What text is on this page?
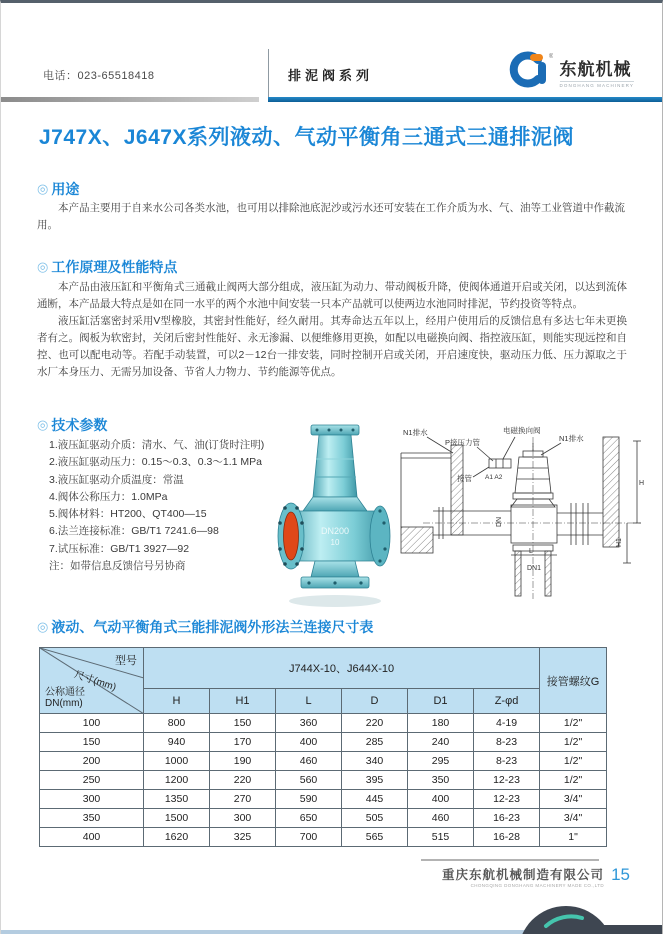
电话：023-65518418	排泥阀系列
®
东航机械
DONGHANG MACHINERY
J747X、J647X系列液动、气动平衡角三通式三通排泥阀
◎ 用途

本产品主要用于自来水公司各类水池，也可用以排除池底泥沙或污水还可安装在工作介质为水、气、油等工业管道中作截流用。

◎ 工作原理及性能特点

本产品由液压缸和平衡角式三通截止阀两大部分组成，液压缸为动力、带动阀板升降，使阀体通道开启或关闭，以达到流体通断，本产品最大特点是如在同一水平的两个水池中间安装一只本产品就可以使两边水池同时排泥，节约投资等特点。

液压缸活塞密封采用V型橡胶，其密封性能好，经久耐用。其寿命达五年以上，经用户使用后的反馈信息有多达七年未更换者有之。阀板为软密封，关闭后密封性能好、永无渗漏、以便维修用更换，如配以电磁换向阀、指控液压缸，则能实现远控和自控、也可以配电动等。若配手动装置，可以2－12台一排安装，同时控制开启或关闭，开启速度快，驱动压力低、压力源取之于水厂本身压力、无需另加设备、节省人力物力、节约能源等优点。

◎ 技术参数
1.液压缸驱动介质：清水、气、油(订货时注明)
2.液压缸驱动压力：0.15～0.3、0.3～1.1 MPa
3.液压缸驱动介质温度：常温
4.阀体公称压力：1.0MPa
5.阀体材料：HT200、QT400—15
6.法兰连接标准：GB/T1 7241.6—98
7.试压标准：GB/T1 3927—92
注：如带信息反馈信号另协商
DN200
10
N1排水
P接压力管
电磁换向阀
N1排水
A1 A2
接管
DN
DN1
L
H
H1
◎ 液动、气动平衡角式三能排泥阀外形法兰连接尺寸表
型号
尺寸(mm)
公称通径
DN(mm)	J744X-10、J644X-10						接管螺纹G
	H	H1	L	D	D1	Z-φd	
100	800	150	360	220	180	4-19	1/2"
150	940	170	400	285	240	8-23	1/2"
200	1000	190	460	340	295	8-23	1/2"
250	1200	220	560	395	350	12-23	1/2"
300	1350	270	590	445	400	12-23	3/4"
350	1500	300	650	505	460	16-23	3/4"
400	1620	325	700	565	515	16-28	1"
重庆东航机械制造有限公司
CHONGQING DONGHANG MACHINERY MADE CO.,LTD
15
